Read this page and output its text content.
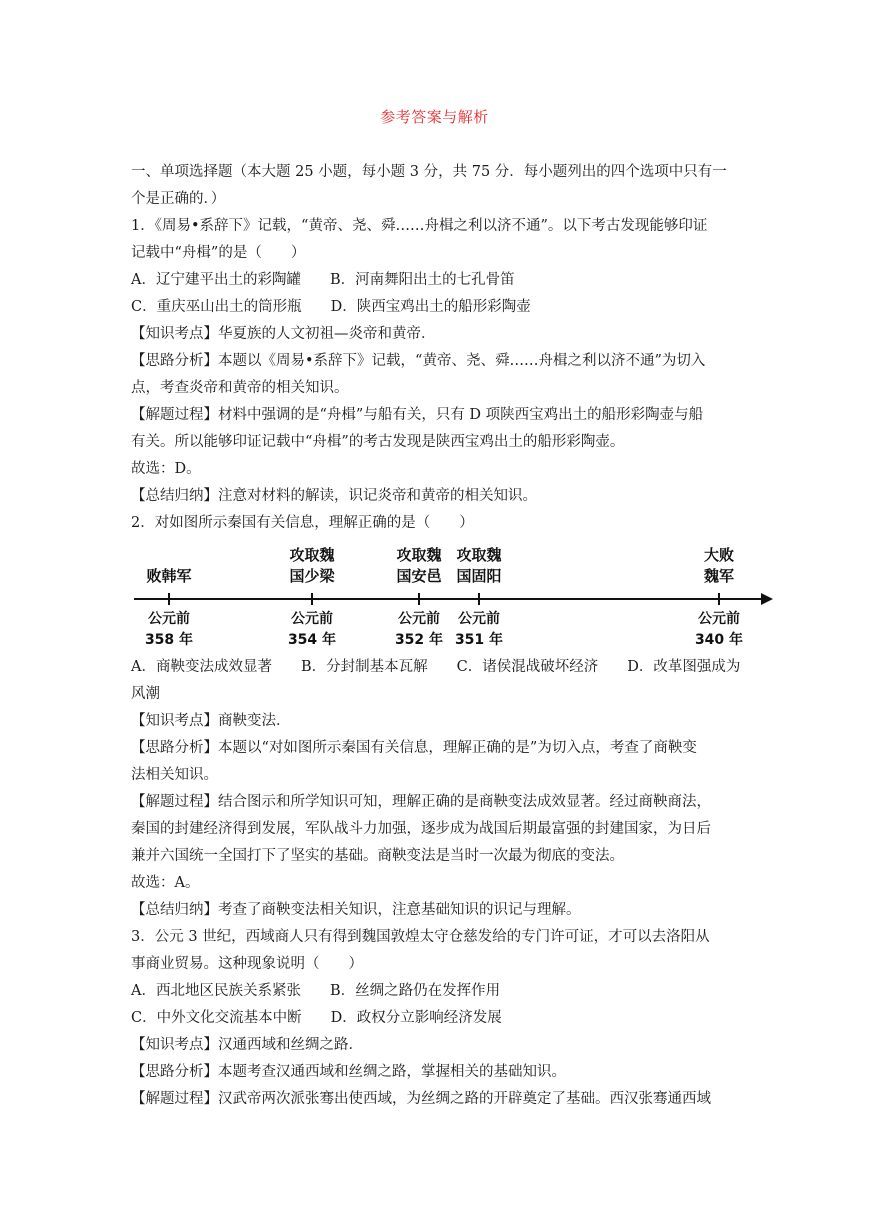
参考答案与解析
一、单项选择题（本大题 25 小题，每小题 3 分，共 75 分．每小题列出的四个选项中只有一
个是正确的．）
1．《周易•系辞下》记载，“黄帝、尧、舜……舟楫之利以济不通”。以下考古发现能够印证
记载中“舟楫”的是（　　）
A．辽宁建平出土的彩陶罐　　B．河南舞阳出土的七孔骨笛
C．重庆巫山出土的筒形瓶　　D．陕西宝鸡出土的船形彩陶壶
【知识考点】华夏族的人文初祖—炎帝和黄帝．
【思路分析】本题以《周易•系辞下》记载，“黄帝、尧、舜……舟楫之利以济不通”为切入
点，考查炎帝和黄帝的相关知识。
【解题过程】材料中强调的是“舟楫”与船有关，只有 D 项陕西宝鸡出土的船形彩陶壶与船
有关。所以能够印证记载中“舟楫”的考古发现是陕西宝鸡出土的船形彩陶壶。
故选：D。
【总结归纳】注意对材料的解读，识记炎帝和黄帝的相关知识。
2．对如图所示秦国有关信息，理解正确的是（　　）
败韩军
公元前
358 年
攻取魏
国少梁
公元前
354 年
攻取魏
国安邑
公元前
352 年
攻取魏
国固阳
公元前
351 年
大败
魏军
公元前
340 年
A．商鞅变法成效显著　　B．分封制基本瓦解　　C．诸侯混战破坏经济　　D．改革图强成为
风潮
【知识考点】商鞅变法．
【思路分析】本题以“对如图所示秦国有关信息，理解正确的是”为切入点，考查了商鞅变
法相关知识。
【解题过程】结合图示和所学知识可知，理解正确的是商鞅变法成效显著。经过商鞅商法，
秦国的封建经济得到发展，军队战斗力加强，逐步成为战国后期最富强的封建国家，为日后
兼并六国统一全国打下了坚实的基础。商鞅变法是当时一次最为彻底的变法。
故选：A。
【总结归纳】考查了商鞅变法相关知识，注意基础知识的识记与理解。
3．公元 3 世纪，西域商人只有得到魏国敦煌太守仓慈发给的专门许可证，才可以去洛阳从
事商业贸易。这种现象说明（　　）
A．西北地区民族关系紧张　　B．丝绸之路仍在发挥作用
C．中外文化交流基本中断　　D．政权分立影响经济发展
【知识考点】汉通西域和丝绸之路．
【思路分析】本题考查汉通西域和丝绸之路，掌握相关的基础知识。
【解题过程】汉武帝两次派张骞出使西域，为丝绸之路的开辟奠定了基础。西汉张骞通西域
